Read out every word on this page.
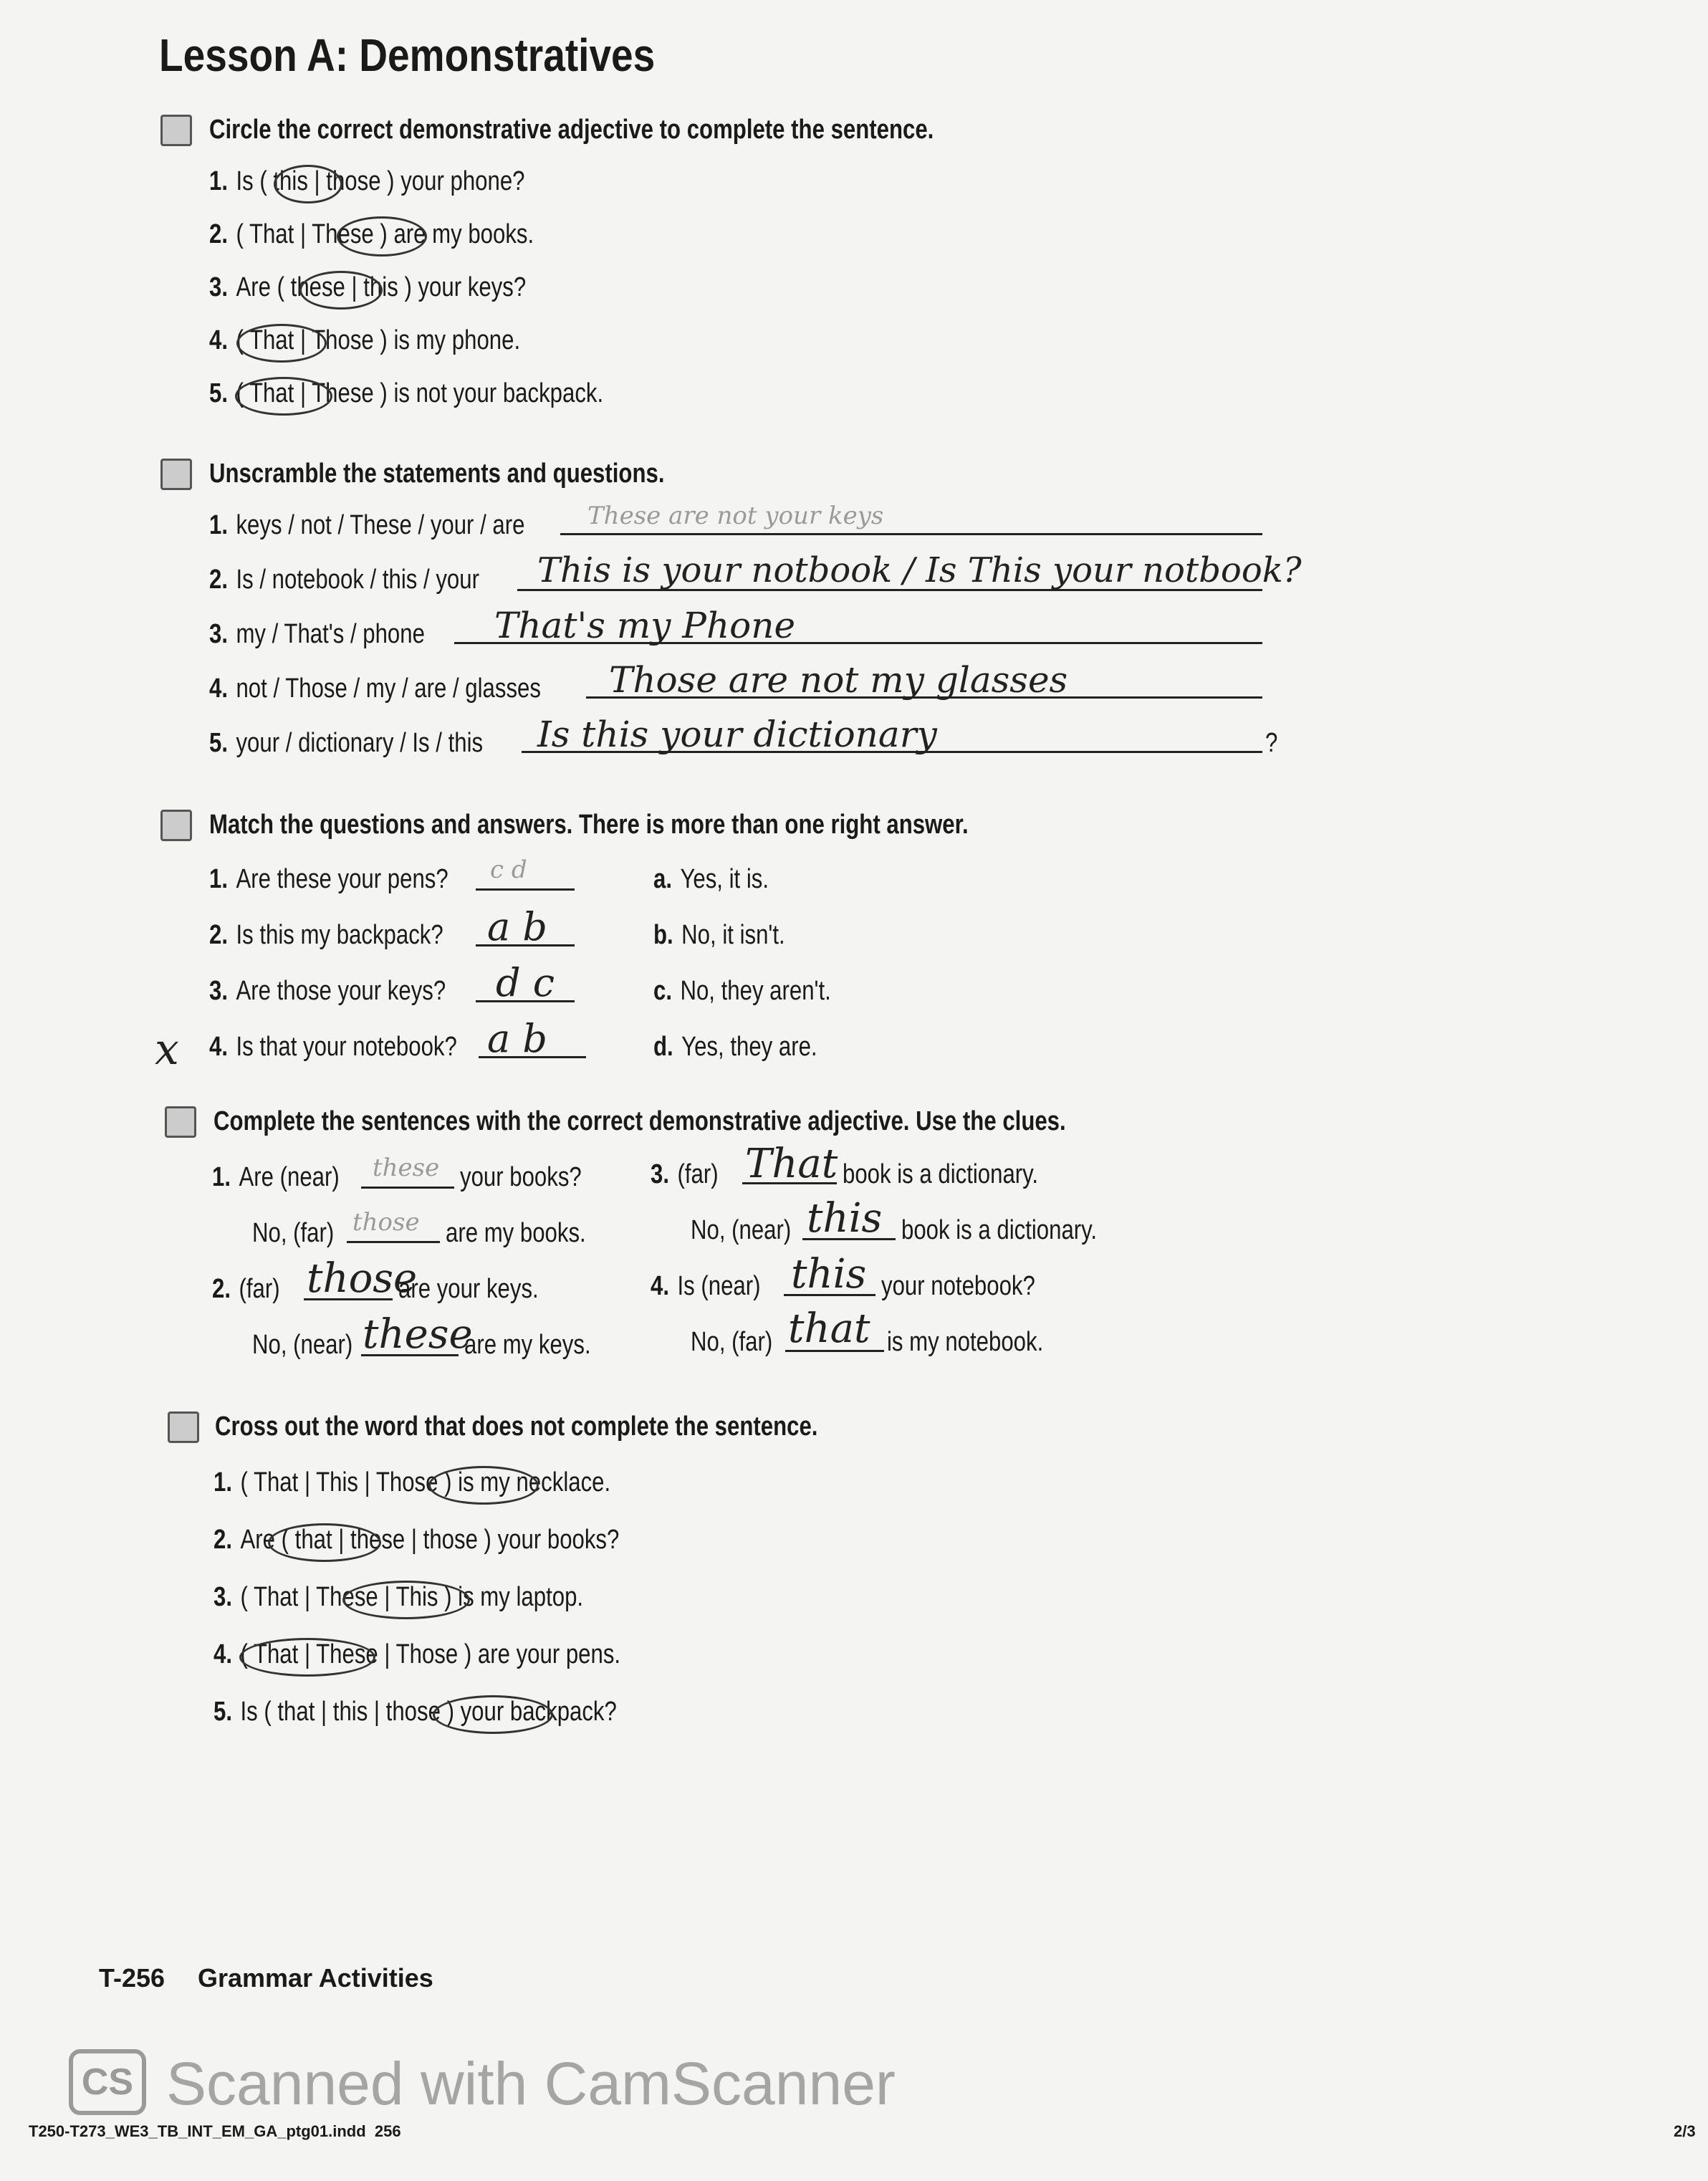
Lesson A: Demonstratives
Circle the correct demonstrative adjective to complete the sentence.
1. Is ( this | those ) your phone?
2. ( That | These ) are my books.
3. Are ( these | this ) your keys?
4. ( That | Those ) is my phone.
5. ( That | These ) is not your backpack.
Unscramble the statements and questions.
1. keys / not / These / your / are	These are not your keys
2. Is / notebook / this / your This is your notbook / Is This your notbook?
3. my / That's / phone That's my Phone
4. not / Those / my / are / glasses Those are not my glasses
5. your / dictionary / Is / this Is this your dictionary	?
Match the questions and answers. There is more than one right answer.
x
1. Are these your pens? c d
2. Is this my backpack? a b
3. Are those your keys? d c
4. Is that your notebook? a b
a. Yes, it is.
b. No, it isn't.
c. No, they aren't.
d. Yes, they are.
Complete the sentences with the correct demonstrative adjective. Use the clues.
1. Are (near) these your books?
No, (far) those are my books.
2. (far) those
are your keys.
No, (near) these
are my keys.
3. (far) That book is a dictionary.
No, (near) this book is a dictionary.
4. Is (near) this your notebook?
No, (far) that is my notebook.
Cross out the word that does not complete the sentence.
1. ( That | This | Those ) is my necklace.
2. Are ( that | these | those ) your books?
3. ( That | These | This ) is my laptop.
4. ( That | These | Those ) are your pens.
5. Is ( that | this | those ) your backpack?
T-256 Grammar Activities
CS Scanned with CamScanner
T250-T273_WE3_TB_INT_EM_GA_ptg01.indd 256	2/3
